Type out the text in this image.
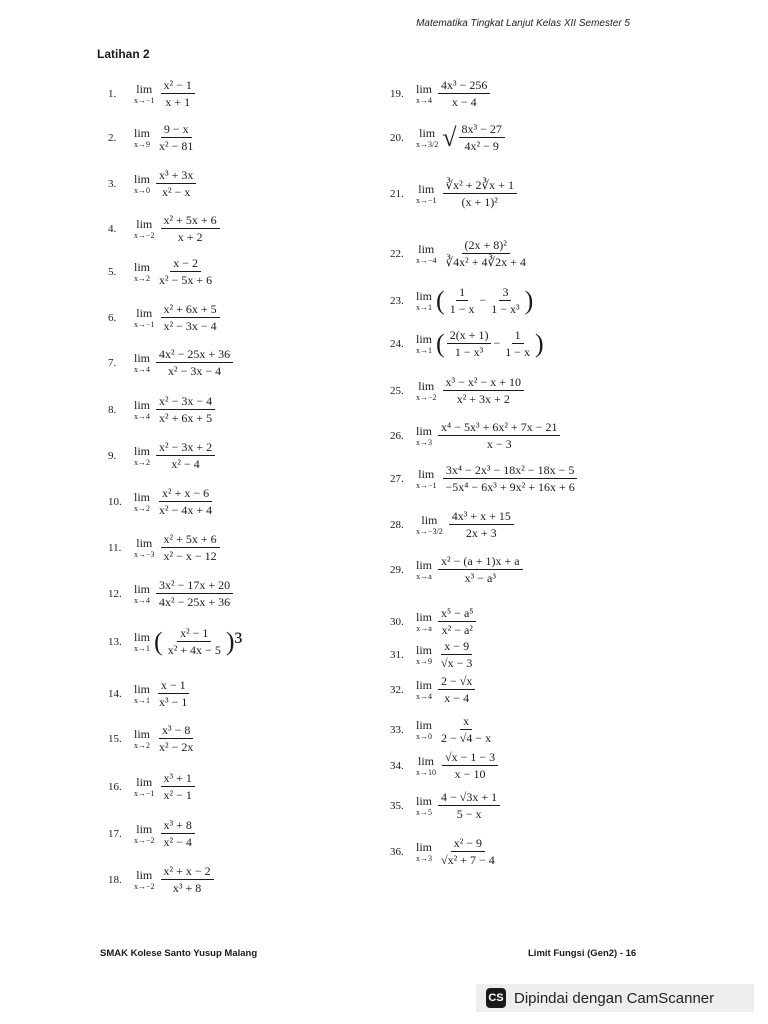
Matematika Tingkat Lanjut Kelas XII Semester 5
Latihan 2
1.	lim
$x\to-1 \frac{\text{x² − 1}}{x + 1}$
2.	lim
$x\to 9 \frac{9 - x}{\text{x² − 81}}$
3.	lim
$x\to 0 \frac{\text{x³ + 3x}}{\text{x² − x}}$
4.	lim
$x\to-2 \frac{\text{x² + 5x + 6}}{x + 2}$
5.	lim
$x\to 2 \frac{x - 2}{\text{x² − 5x + 6}}$
6.	lim
$x\to-1 \frac{\text{x² + 6x + 5}}{\text{x² − 3x − 4}}$
7.	lim
$x\to 4 \frac{\text{4x² − 25x + 36}}{\text{x² − 3x − 4}}$
8.	lim
$x\to 4 \frac{\text{x² − 3x − 4}}{\text{x² + 6x + 5}}$
9.	lim
$x\to 2 \frac{\text{x² − 3x + 2}}{\text{x² − 4}}$
10.	lim
$x\to 2 \frac{\text{x² + x − 6}}{\text{x² − 4x + 4}}$
11.	lim
$x\to-3 \frac{\text{x² + 5x + 6}}{\text{x² − x − 12}}$
12.	lim
$x\to 4 \frac{\text{3x² − 17x + 20}}{\text{4x² − 25x + 36}}$
13.	lim
x→1 ( $\frac{\text{x² − 1}}{\text{x² + 4x − 5}} )^3$
14.	lim
$x\to 1 \frac{x - 1}{\text{x³ − 1}}$
15.	lim
$x\to 2 \frac{\text{x³ − 8}}{\text{x² − 2x}}$
16.	lim
$x\to-1 \frac{\text{x³ + 1}}{\text{x² − 1}}$
17.	lim
$x\to-2 \frac{\text{x³ + 8}}{\text{x² − 4}}$
18.	lim
$x\to-2 \frac{\text{x² + x − 2}}{\text{x³ + 8}}$
19.	lim
$x\to 4 \frac{\text{4x³ − 256}}{x - 4}$
20.	lim
x→3/2 √ $\frac{\text{8x³ − 27}}{\text{4x² − 9}}$
21.	lim
$x\to-1 \frac{\text{∛x² + 2∛x + 1}}{\text{(x + 1)²}}$
22.	lim
$x\to-4 \frac{\text{(2x + 8)²}}{\text{∛4x² + 4∛2x + 4}}$
23.	lim
x→1 ( $\frac{1}{1 - x} - \frac{3}{\text{1 − x³}}$ )
24.	lim
x→1 ( $\frac{2(x + 1)}{\text{1 − x³}} - \frac{1}{1 - x}$ )
25.	lim
$x\to-2 \frac{\text{x³ − x² − x + 10}}{\text{x² + 3x + 2}}$
26.	lim
$x\to 3 \frac{\text{x⁴ − 5x³ + 6x² + 7x − 21}}{x - 3}$
27.	lim
$x\to-1 \frac{\text{3x⁴ − 2x³ − 18x² − 18x − 5}}{\text{−5x⁴ − 6x³ + 9x² + 16x + 6}}$
28.	lim
$x\to-3/2 \frac{\text{4x³ + x + 15}}{2x + 3}$
29.	lim
$x\to a \frac{\text{x² − (a + 1)x + a}}{\text{x³ − a³}}$
30.	lim
$x\to a \frac{\text{x⁵ − a⁵}}{\text{x² − a²}}$
31.	lim
$x\to 9 \frac{x - 9}{√x - 3}$
32.	lim
$x\to 4 \frac{2 - √x}{x - 4}$
33.	lim
$x\to 0 \frac{x}{2 - √4 - x}$
34.	lim
$x\to 10 \frac{√x - 1 - 3}{x - 10}$
35.	lim
$x\to 5 \frac{4 - √3x + 1}{5 - x}$
36.	lim
$x\to 3 \frac{\text{x² − 9}}{\text{√x² + 7 − 4}}$
SMAK Kolese Santo Yusup Malang	Limit Fungsi (Gen2) - 16
CS Dipindai dengan CamScanner
